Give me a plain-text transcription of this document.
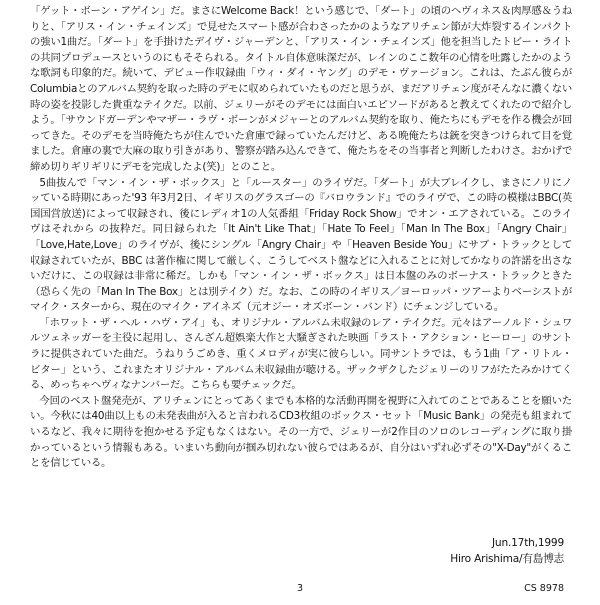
「ゲット・ボーン・アゲイン」だ。まさにWelcome Back！という感じで、「ダート」の頃のヘヴィネス＆肉厚感＆うねりと、「アリス・イン・チェインズ」で見せたスマート感が合わさったかのようなアリチェン節が大炸裂するインパクトの強い1曲だ。「ダート」を手掛けたデイヴ・ジャーデンと、「アリス・イン・チェインズ」他を担当したトビー・ライトの共同プロデュースというのにもそそられる。タイトル自体意味深だが、レインのここ数年の心情を吐露したかのような歌詞も印象的だ。続いて、デビュー作収録曲「ウィ・ダイ・ヤング」のデモ・ヴァージョン。これは、たぶん彼らがColumbiaとのアルバム契約を取った時のデモに収められていたものだと思うが、まだアリチェン度がそんなに濃くない時の姿を投影した貴重なテイクだ。以前、ジェリーがそのデモには面白いエピソードがあると教えてくれたので紹介しよう。「サウンドガーデンやマザー・ラヴ・ボーンがメジャーとのアルバム契約を取り、俺たちにもデモを作る機会が回ってきた。そのデモを当時俺たちが住んでいた倉庫で録っていたんだけど、ある晩俺たちは銃を突きつけられて目を覚ました。倉庫の裏で大麻の取り引きがあり、警察が踏み込んできて、俺たちをその当事者と判断したわけさ。おかげで締め切りギリギリにデモを完成したよ(笑)」とのこと。

5曲抜んで「マン・イン・ザ・ボックス」と「ルースター」のライヴだ。「ダート」が大ブレイクし、まさにノリにノッている時期にあった'93 年3月2日、イギリスのグラスゴーの『バロウランド』でのライヴで、この時の模様はBBC(英国国営放送)によって収録され、後にレディオ1の人気番組「Friday Rock Show」でオン・エアされている。このライヴはそれから の抜粋だ。同日録られた「It Ain't Like That」「Hate To Feel」「Man In The Box」「Angry Chair」「Love,Hate,Love」のライヴが、後にシングル「Angry Chair」や「Heaven Beside You」にサブ・トラックとして収録されていたが、BBC は著作権に関して厳しく、こうしてベスト盤などに入れることに対してかなりの許諾を出さないだけに、この収録は非常に稀だ。しかも「マン・イン・ザ・ボックス」は日本盤のみのボーナス・トラックときた（恐らく先の「Man In The Box」とは別テイク）だ。なお、この時のイギリス／ヨーロッパ・ツアーよりベーシストがマイク・スターから、現在のマイク・アイネズ（元オジー・オズボーン・バンド）にチェンジしている。

「ホワット・ザ・ヘル・ハヴ・アイ」も、オリジナル・アルバム未収録のレア・テイクだ。元々はアーノルド・シュワルツェネッガーを主役に起用し、さんざん超娯楽大作と大騒ぎされた映画「ラスト・アクション・ヒーロー」のサントラに提供されていた曲だ。うねりうごめき、重くメロディが実に彼らしい。同サントラでは、もう1曲「ア・リトル・ビター」という、これまたオリジナル・アルバム未収録曲が聴ける。ザックザクしたジェリーのリフがたたみかけてくる、めっちゃヘヴィなナンバーだ。こちらも要チェックだ。

今回のベスト盤発売が、アリチェンにとってあくまでも本格的な活動再開を視野に入れてのことであることを願いたい。今秋には40曲以上もの未発表曲が入ると言われるCD3枚組のボックス・セット「Music Bank」の発売も組まれているなど、我々に期待を抱かせる予定もなくはない。その一方で、ジェリーが2作目のソロのレコーディングに取り掛かっているという情報もある。いまいち動向が掴み切れない彼らではあるが、自分はいずれ必ずその"X-Day"がくることを信じている。

Jun.17th,1999
Hiro Arishima/有島博志
3	CS 8978
